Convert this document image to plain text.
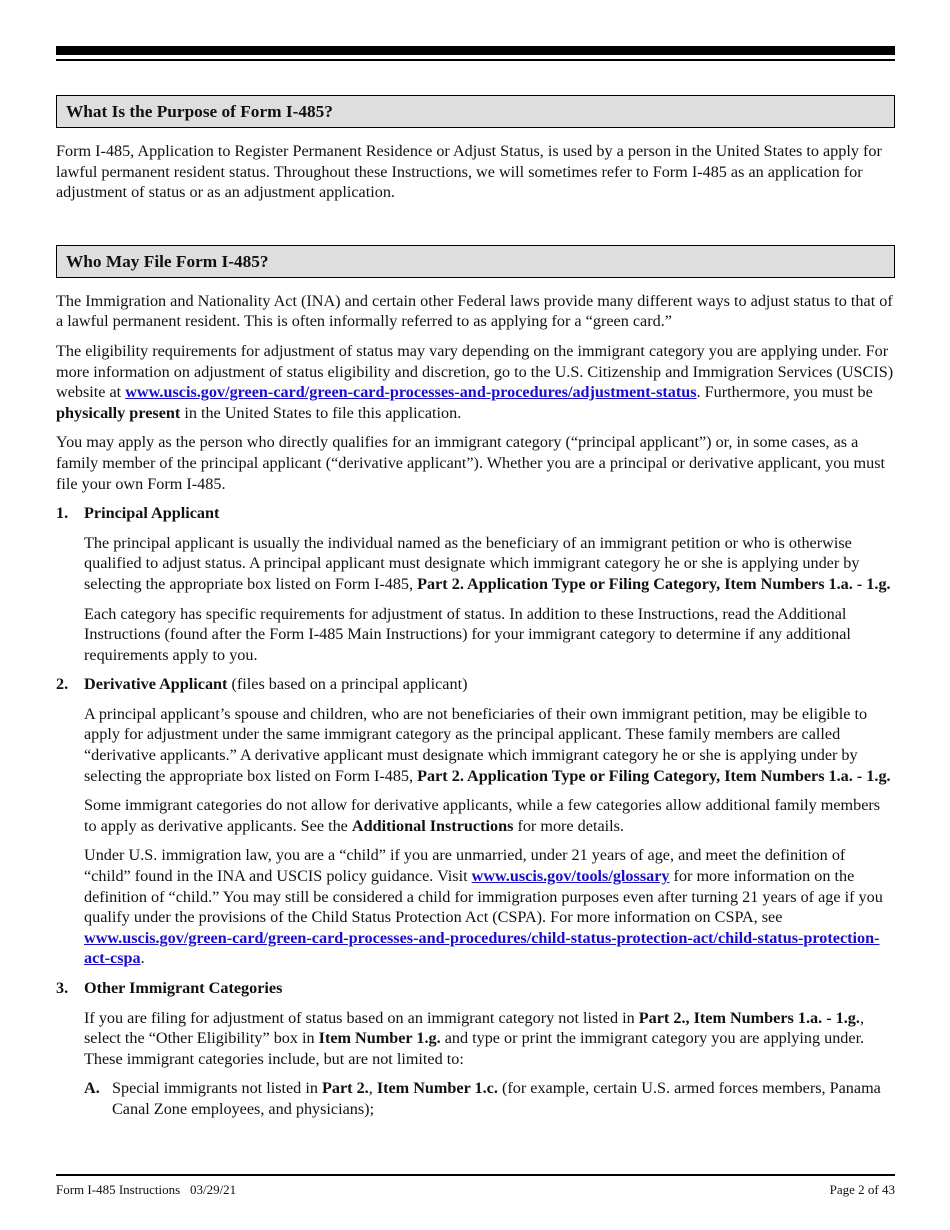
What Is the Purpose of Form I-485?

Form I-485, Application to Register Permanent Residence or Adjust Status, is used by a person in the United States to apply for lawful permanent resident status. Throughout these Instructions, we will sometimes refer to Form I-485 as an application for adjustment of status or as an adjustment application.

Who May File Form I-485?

The Immigration and Nationality Act (INA) and certain other Federal laws provide many different ways to adjust status to that of a lawful permanent resident. This is often informally referred to as applying for a “green card.”

The eligibility requirements for adjustment of status may vary depending on the immigrant category you are applying under. For more information on adjustment of status eligibility and discretion, go to the U.S. Citizenship and Immigration Services (USCIS) website at www.uscis.gov/green-card/green-card-processes-and-procedures/adjustment-status. Furthermore, you must be physically present in the United States to file this application.

You may apply as the person who directly qualifies for an immigrant category (“principal applicant”) or, in some cases, as a family member of the principal applicant (“derivative applicant”). Whether you are a principal or derivative applicant, you must file your own Form I-485.

1. Principal Applicant

The principal applicant is usually the individual named as the beneficiary of an immigrant petition or who is otherwise qualified to adjust status. A principal applicant must designate which immigrant category he or she is applying under by selecting the appropriate box listed on Form I-485, Part 2. Application Type or Filing Category, Item Numbers 1.a. - 1.g.

Each category has specific requirements for adjustment of status. In addition to these Instructions, read the Additional Instructions (found after the Form I-485 Main Instructions) for your immigrant category to determine if any additional requirements apply to you.

2. Derivative Applicant (files based on a principal applicant)

A principal applicant’s spouse and children, who are not beneficiaries of their own immigrant petition, may be eligible to apply for adjustment under the same immigrant category as the principal applicant. These family members are called “derivative applicants.” A derivative applicant must designate which immigrant category he or she is applying under by selecting the appropriate box listed on Form I-485, Part 2. Application Type or Filing Category, Item Numbers 1.a. - 1.g.

Some immigrant categories do not allow for derivative applicants, while a few categories allow additional family members to apply as derivative applicants. See the Additional Instructions for more details.

Under U.S. immigration law, you are a “child” if you are unmarried, under 21 years of age, and meet the definition of “child” found in the INA and USCIS policy guidance. Visit www.uscis.gov/tools/glossary for more information on the definition of “child.” You may still be considered a child for immigration purposes even after turning 21 years of age if you qualify under the provisions of the Child Status Protection Act (CSPA). For more information on CSPA, see www.uscis.gov/green-card/green-card-processes-and-procedures/child-status-protection-act/child-status-protection-act-cspa.

3. Other Immigrant Categories

If you are filing for adjustment of status based on an immigrant category not listed in Part 2., Item Numbers 1.a. - 1.g., select the “Other Eligibility” box in Item Number 1.g. and type or print the immigrant category you are applying under. These immigrant categories include, but are not limited to:

A. Special immigrants not listed in Part 2., Item Number 1.c. (for example, certain U.S. armed forces members, Panama Canal Zone employees, and physicians);
Form I-485 Instructions   03/29/21	Page 2 of 43
